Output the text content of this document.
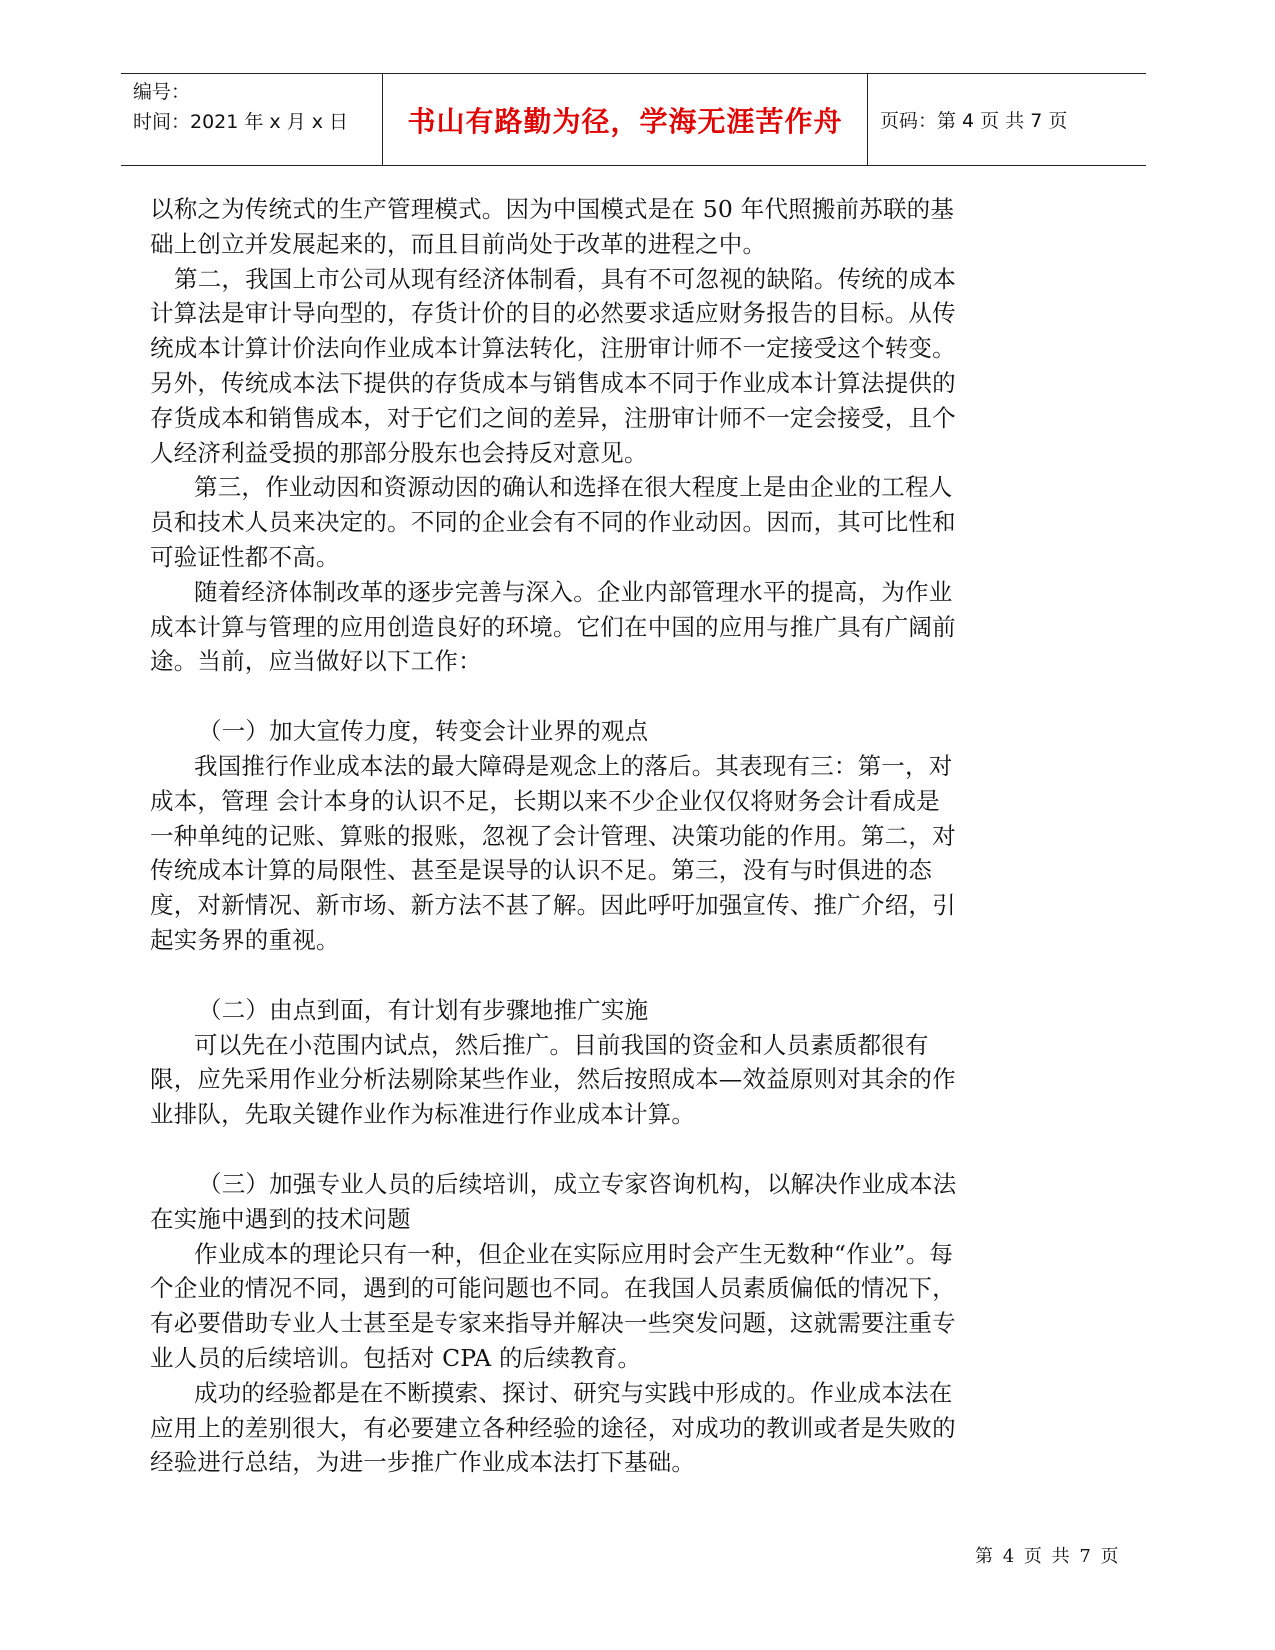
编号：
时间：2021 年 x 月 x 日	书山有路勤为径，学海无涯苦作舟	页码：第 4 页 共 7 页

以称之为传统式的生产管理模式。因为中国模式是在 50 年代照搬前苏联的基础上创立并发展起来的，而且目前尚处于改革的进程之中。

第二，我国上市公司从现有经济体制看，具有不可忽视的缺陷。传统的成本计算法是审计导向型的，存货计价的目的必然要求适应财务报告的目标。从传统成本计算计价法向作业成本计算法转化，注册审计师不一定接受这个转变。另外，传统成本法下提供的存货成本与销售成本不同于作业成本计算法提供的存货成本和销售成本，对于它们之间的差异，注册审计师不一定会接受，且个人经济利益受损的那部分股东也会持反对意见。

第三，作业动因和资源动因的确认和选择在很大程度上是由企业的工程人员和技术人员来决定的。不同的企业会有不同的作业动因。因而，其可比性和可验证性都不高。

随着经济体制改革的逐步完善与深入。企业内部管理水平的提高，为作业成本计算与管理的应用创造良好的环境。它们在中国的应用与推广具有广阔前途。当前，应当做好以下工作：

（一）加大宣传力度，转变会计业界的观点

我国推行作业成本法的最大障碍是观念上的落后。其表现有三：第一，对成本，管理 会计本身的认识不足，长期以来不少企业仅仅将财务会计看成是一种单纯的记账、算账的报账，忽视了会计管理、决策功能的作用。第二，对传统成本计算的局限性、甚至是误导的认识不足。第三，没有与时俱进的态度，对新情况、新市场、新方法不甚了解。因此呼吁加强宣传、推广介绍，引起实务界的重视。

（二）由点到面，有计划有步骤地推广实施

可以先在小范围内试点，然后推广。目前我国的资金和人员素质都很有限，应先采用作业分析法剔除某些作业，然后按照成本—效益原则对其余的作业排队，先取关键作业作为标准进行作业成本计算。

（三）加强专业人员的后续培训，成立专家咨询机构，以解决作业成本法在实施中遇到的技术问题

作业成本的理论只有一种，但企业在实际应用时会产生无数种“作业”。每个企业的情况不同，遇到的可能问题也不同。在我国人员素质偏低的情况下，有必要借助专业人士甚至是专家来指导并解决一些突发问题，这就需要注重专业人员的后续培训。包括对 CPA 的后续教育。

成功的经验都是在不断摸索、探讨、研究与实践中形成的。作业成本法在应用上的差别很大，有必要建立各种经验的途径，对成功的教训或者是失败的经验进行总结，为进一步推广作业成本法打下基础。

第 4 页 共 7 页
